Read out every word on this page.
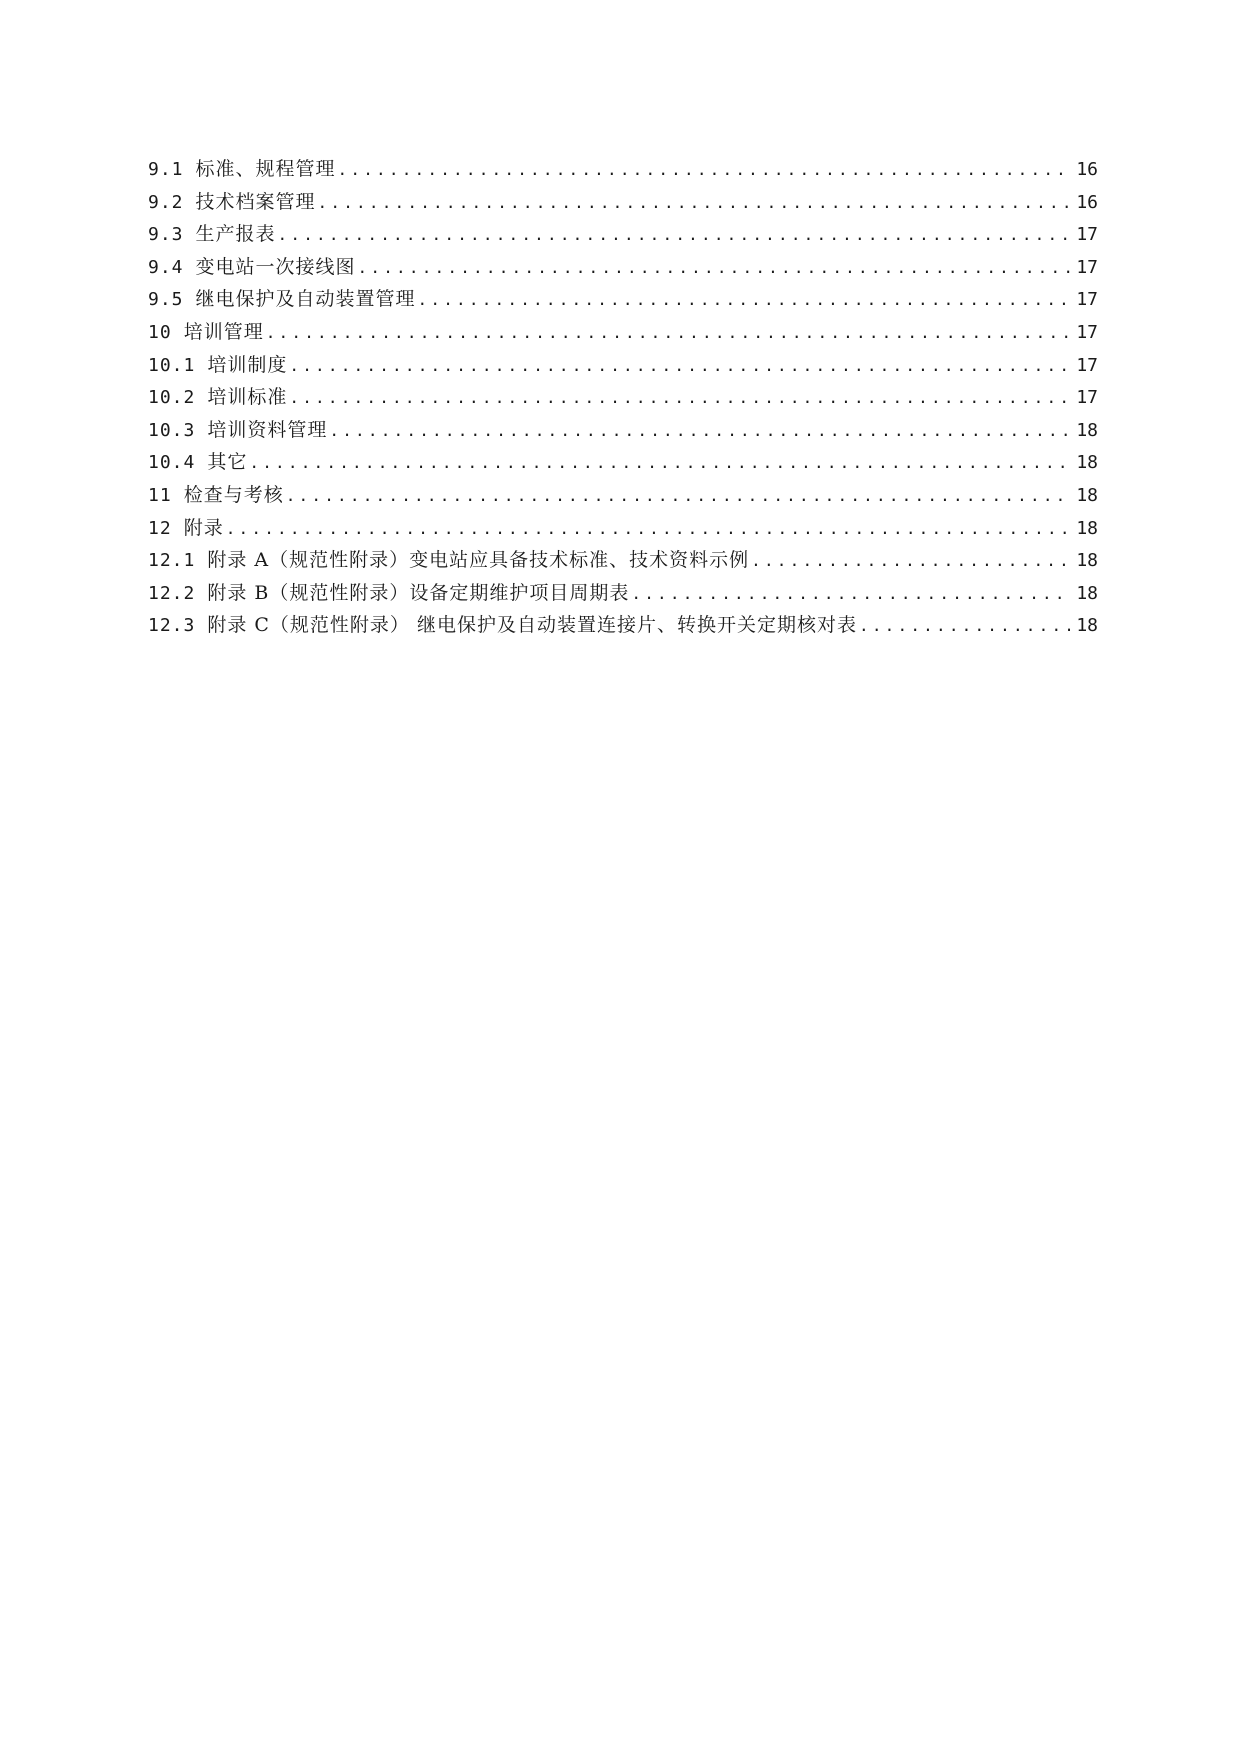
9.1 标准、规程管理 .....	16
9.2 技术档案管理 .....	16
9.3 生产报表 .....	17
9.4 变电站一次接线图 .....	17
9.5 继电保护及自动装置管理 .....	17
10 培训管理 .....	17
10.1 培训制度 .....	17
10.2 培训标准 .....	17
10.3 培训资料管理 .....	18
10.4 其它 .....	18
11 检查与考核 .....	18
12 附录 .....	18
12.1 附录 A（规范性附录）变电站应具备技术标准、技术资料示例 .....	18
12.2 附录 B（规范性附录）设备定期维护项目周期表 .....	18
12.3 附录 C（规范性附录） 继电保护及自动装置连接片、转换开关定期核对表 .....	18
